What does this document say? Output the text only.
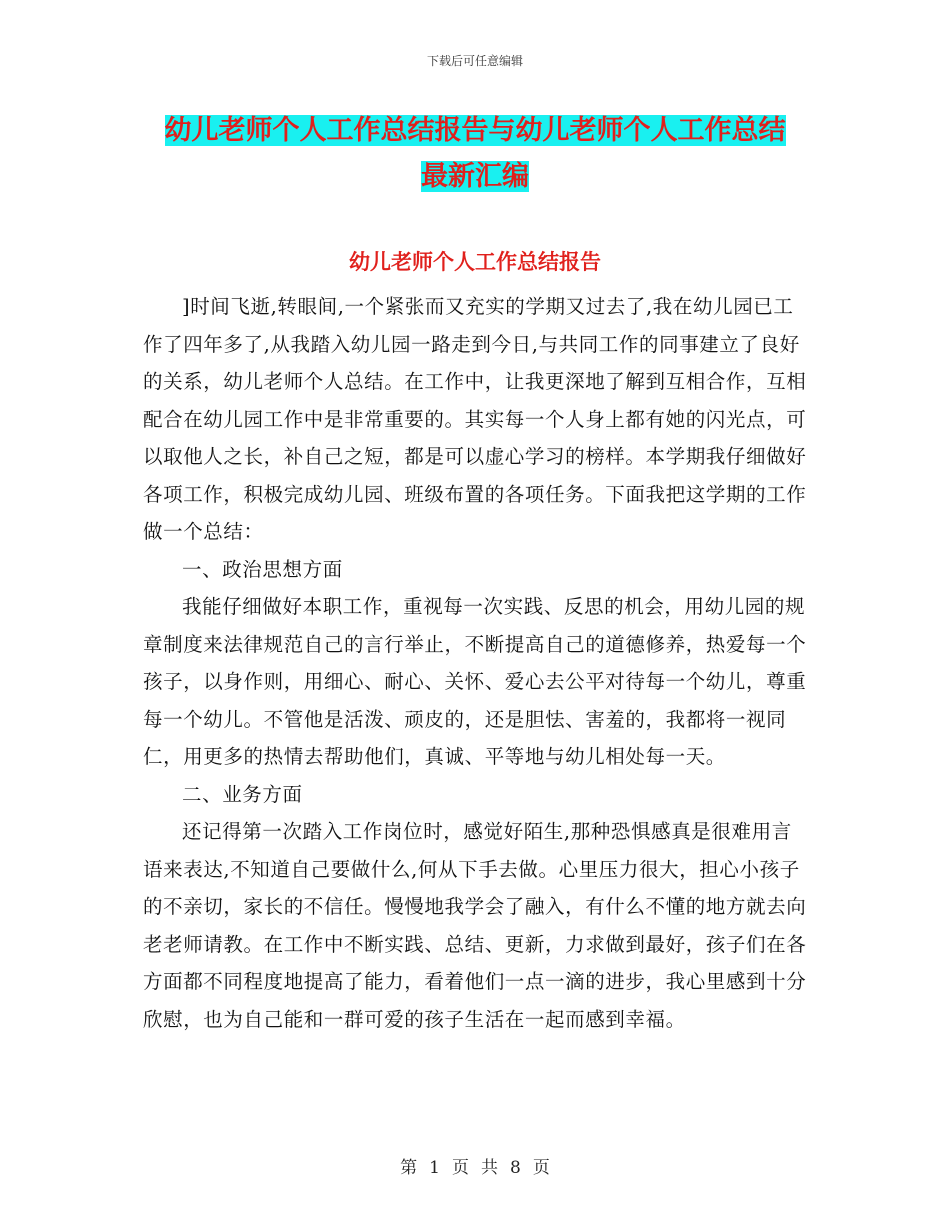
下载后可任意编辑
幼儿老师个人工作总结报告与幼儿老师个人工作总结
最新汇编
幼儿老师个人工作总结报告

]时间飞逝,转眼间,一个紧张而又充实的学期又过去了,我在幼儿园已工作了四年多了,从我踏入幼儿园一路走到今日,与共同工作的同事建立了良好的关系，幼儿老师个人总结。在工作中，让我更深地了解到互相合作，互相配合在幼儿园工作中是非常重要的。其实每一个人身上都有她的闪光点，可以取他人之长，补自己之短，都是可以虚心学习的榜样。本学期我仔细做好各项工作，积极完成幼儿园、班级布置的各项任务。下面我把这学期的工作做一个总结：

一、政治思想方面

我能仔细做好本职工作，重视每一次实践、反思的机会，用幼儿园的规章制度来法律规范自己的言行举止，不断提高自己的道德修养，热爱每一个孩子，以身作则，用细心、耐心、关怀、爱心去公平对待每一个幼儿，尊重每一个幼儿。不管他是活泼、顽皮的，还是胆怯、害羞的，我都将一视同仁，用更多的热情去帮助他们，真诚、平等地与幼儿相处每一天。

二、业务方面

还记得第一次踏入工作岗位时，感觉好陌生,那种恐惧感真是很难用言语来表达,不知道自己要做什么,何从下手去做。心里压力很大，担心小孩子的不亲切，家长的不信任。慢慢地我学会了融入，有什么不懂的地方就去向老老师请教。在工作中不断实践、总结、更新，力求做到最好，孩子们在各方面都不同程度地提高了能力，看着他们一点一滴的进步，我心里感到十分欣慰，也为自己能和一群可爱的孩子生活在一起而感到幸福。

第 1 页 共 8 页
